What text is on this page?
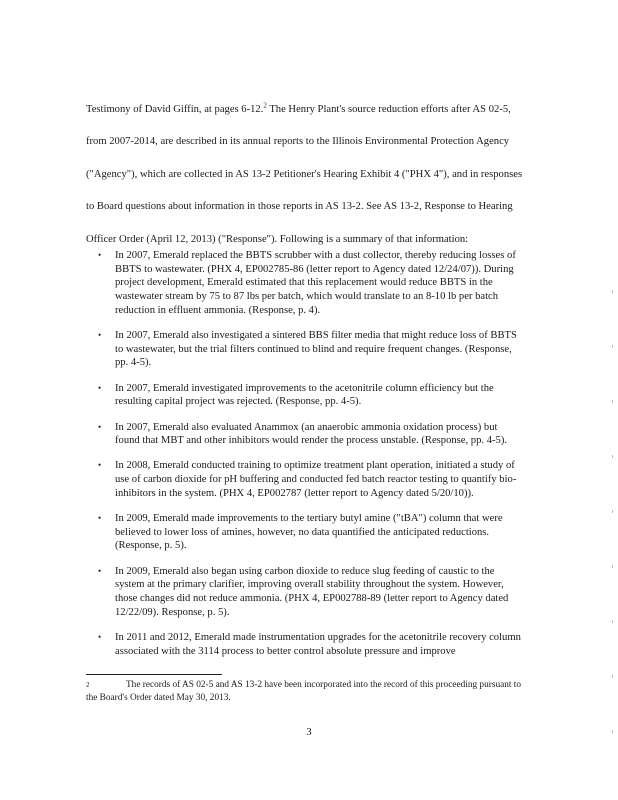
Testimony of David Giffin, at pages 6-12.$^2$ The Henry Plant's source reduction efforts after AS 02-5, from 2007-2014, are described in its annual reports to the Illinois Environmental Protection Agency ("Agency"), which are collected in AS 13-2 Petitioner's Hearing Exhibit 4 ("PHX 4"), and in responses to Board questions about information in those reports in AS 13-2. See AS 13-2, Response to Hearing Officer Order (April 12, 2013) ("Response"). Following is a summary of that information:

• In 2007, Emerald replaced the BBTS scrubber with a dust collector, thereby reducing losses of BBTS to wastewater. (PHX 4, EP002785-86 (letter report to Agency dated 12/24/07)). During project development, Emerald estimated that this replacement would reduce BBTS in the wastewater stream by 75 to 87 lbs per batch, which would translate to an 8-10 lb per batch reduction in effluent ammonia. (Response, p. 4).
• In 2007, Emerald also investigated a sintered BBS filter media that might reduce loss of BBTS to wastewater, but the trial filters continued to blind and require frequent changes. (Response, pp. 4-5).
• In 2007, Emerald investigated improvements to the acetonitrile column efficiency but the resulting capital project was rejected. (Response, pp. 4-5).
• In 2007, Emerald also evaluated Anammox (an anaerobic ammonia oxidation process) but found that MBT and other inhibitors would render the process unstable. (Response, pp. 4-5).
• In 2008, Emerald conducted training to optimize treatment plant operation, initiated a study of use of carbon dioxide for pH buffering and conducted fed batch reactor testing to quantify bio-inhibitors in the system. (PHX 4, EP002787 (letter report to Agency dated 5/20/10)).
• In 2009, Emerald made improvements to the tertiary butyl amine ("tBA") column that were believed to lower loss of amines, however, no data quantified the anticipated reductions. (Response, p. 5).
• In 2009, Emerald also began using carbon dioxide to reduce slug feeding of caustic to the system at the primary clarifier, improving overall stability throughout the system. However, those changes did not reduce ammonia. (PHX 4, EP002788-89 (letter report to Agency dated 12/22/09). Response, p. 5).
• In 2011 and 2012, Emerald made instrumentation upgrades for the acetonitrile recovery column associated with the 3114 process to better control absolute pressure and improve

2	The records of AS 02-5 and AS 13-2 have been incorporated into the record of this proceeding pursuant to the Board's Order dated May 30, 2013.

3
